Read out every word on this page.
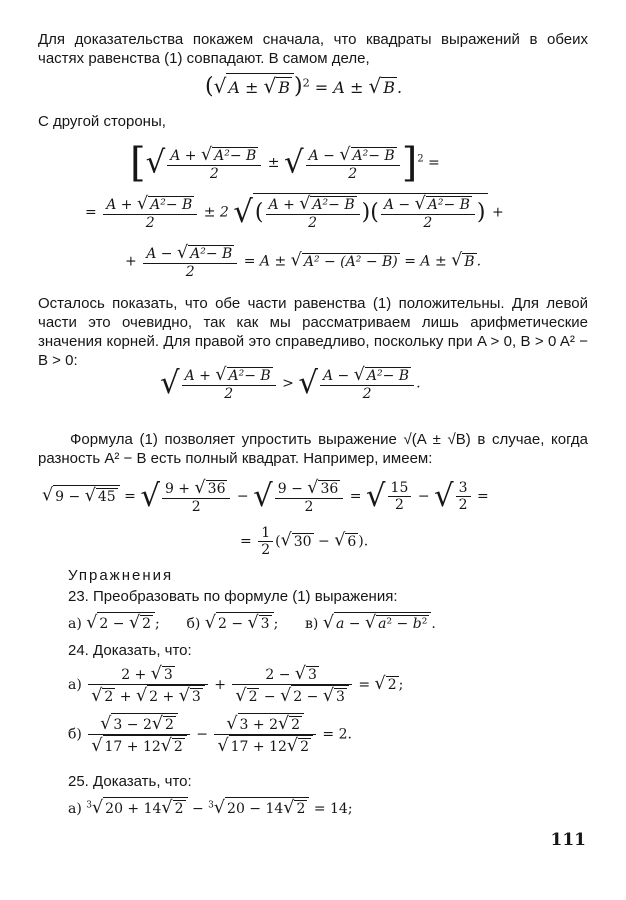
Для доказательства покажем сначала, что квадраты выражений в обеих частях равенства (1) совпадают. В самом деле,
(√ A ± √ B )$^2$ = A ± √ B .
С другой стороны,
[√ $\frac{\text{A + √ A²− B}}{2}$ ± √ $\frac{\text{A − √ A²− B}}{2} ]^2$ =
= $\frac{\text{A + √ A²− B}}{2} \pm 2$ √( $\frac{\text{A + √ A²− B}}{2}$ )( $\frac{\text{A − √ A²− B}}{2}$ ) +
+ $\frac{\text{A − √ A²− B}}{2} = A$ ± √ A² − (A² − B) = A ± √ B .
Осталось показать, что обе части равенства (1) положительны. Для левой части это очевидно, так как мы рассматриваем лишь арифметические значения корней. Для правой это справедливо, поскольку при A > 0, B > 0 A² − B > 0:
√ $\frac{\text{A + √ A²− B}}{2}$ > √ $\frac{\text{A − √ A²− B}}{2}$ .
Формула (1) позволяет упростить выражение √(A ± √B) в случае, когда разность A² − B есть полный квадрат. Например, имеем:
√ 9 − √ 45 = √ $\frac{9 + √ 36}{2}$ − √ $\frac{9 - √ 36}{2}$ = √ $\frac{15}{2}$ − √ $\frac{3}{2}$ =
= $\frac{1}{2}$ (√ 30 − √ 6 ).
Упражнения
23. Преобразовать по формуле (1) выражения:
а) √ 2 − √ 2 ;      б) √ 2 − √ 3 ;      в) √ a − √ a² − b² .
24. Доказать, что:
$а) \frac{2 + √ 3}{√ 2 + √ 2 + √ 3} + \frac{2 - √ 3}{√ 2 - √ 2 - √ 3}$ = √ 2 ;
$б) \frac{√ 3 - 2√ 2}{√ 17 + 12√ 2} - \frac{√ 3 + 2√ 2}{√ 17 + 12√ 2} = 2$.
25. Доказать, что:
а) $^3$√ 20 + 14√ 2 − $^3$√ 20 − 14√ 2 = 14;
111
